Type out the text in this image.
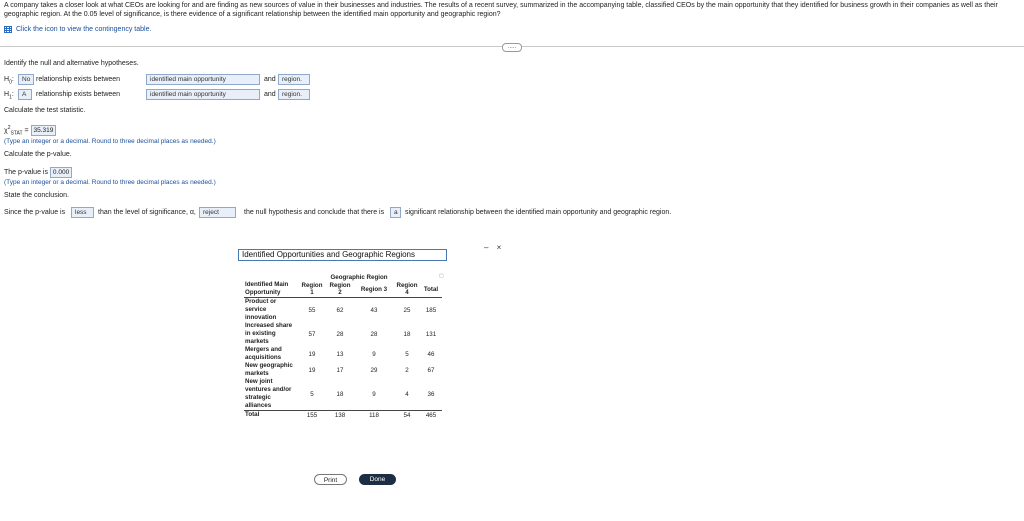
A company takes a closer look at what CEOs are looking for and are finding as new sources of value in their businesses and industries. The results of a recent survey, summarized in the accompanying table, classified CEOs by the main opportunity that they identified for business growth in their companies as well as their geographic region. At the 0.05 level of significance, is there evidence of a significant relationship between the identified main opportunity and geographic region?
Click the icon to view the contingency table.
.....
Identify the null and alternative hypotheses.
$H_0$:	No relationship exists between	identified main opportunity	and region.
$H_1$:	A	relationship exists between	identified main opportunity	and region.
Calculate the test statistic.
$\chi^2_{STAT} = 35.319$
(Type an integer or a decimal. Round to three decimal places as needed.)
Calculate the p-value.
The p-value is 0.000
(Type an integer or a decimal. Round to three decimal places as needed.)
State the conclusion.
Since the p-value is	less	than the level of significance, α,	reject	the null hypothesis and conclude that there is	a	significant relationship between the identified main opportunity and geographic region.
– ×
Identified Opportunities and Geographic Regions
▢
	Geographic Region				
Identified Main Opportunity	Region 1	Region 2	Region 3	Region 4	Total
Product or service innovation	55	62	43	25	185
Increased share in existing markets	57	28	28	18	131
Mergers and acquisitions	19	13	9	5	46
New geographic markets	19	17	29	2	67
New joint ventures and/or strategic alliances	5	18	9	4	36
Total	155	138	118	54	465
Print	Done
